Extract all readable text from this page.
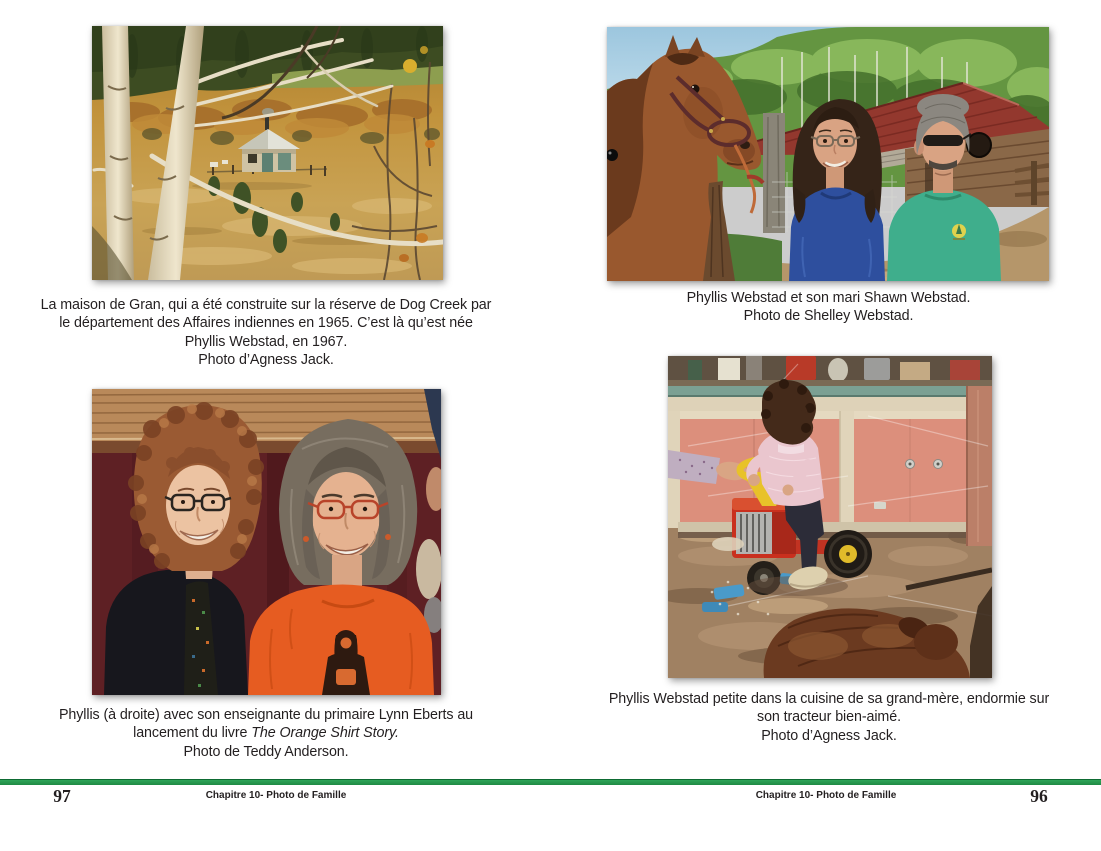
La maison de Gran, qui a été construite sur la réserve de Dog Creek par
le département des Affaires indiennes en 1965. C’est là qu’est née
Phyllis Webstad, en 1967.
Photo d’Agness Jack.
Phyllis (à droite) avec son enseignante du primaire Lynn Eberts au
lancement du livre The Orange Shirt Story.
Photo de Teddy Anderson.
Phyllis Webstad et son mari Shawn Webstad.
Photo de Shelley Webstad.
Phyllis Webstad petite dans la cuisine de sa grand-mère, endormie sur
son tracteur bien-aimé.
Photo d’Agness Jack.
97	Chapitre 10- Photo de Famille	Chapitre 10- Photo de Famille	96
